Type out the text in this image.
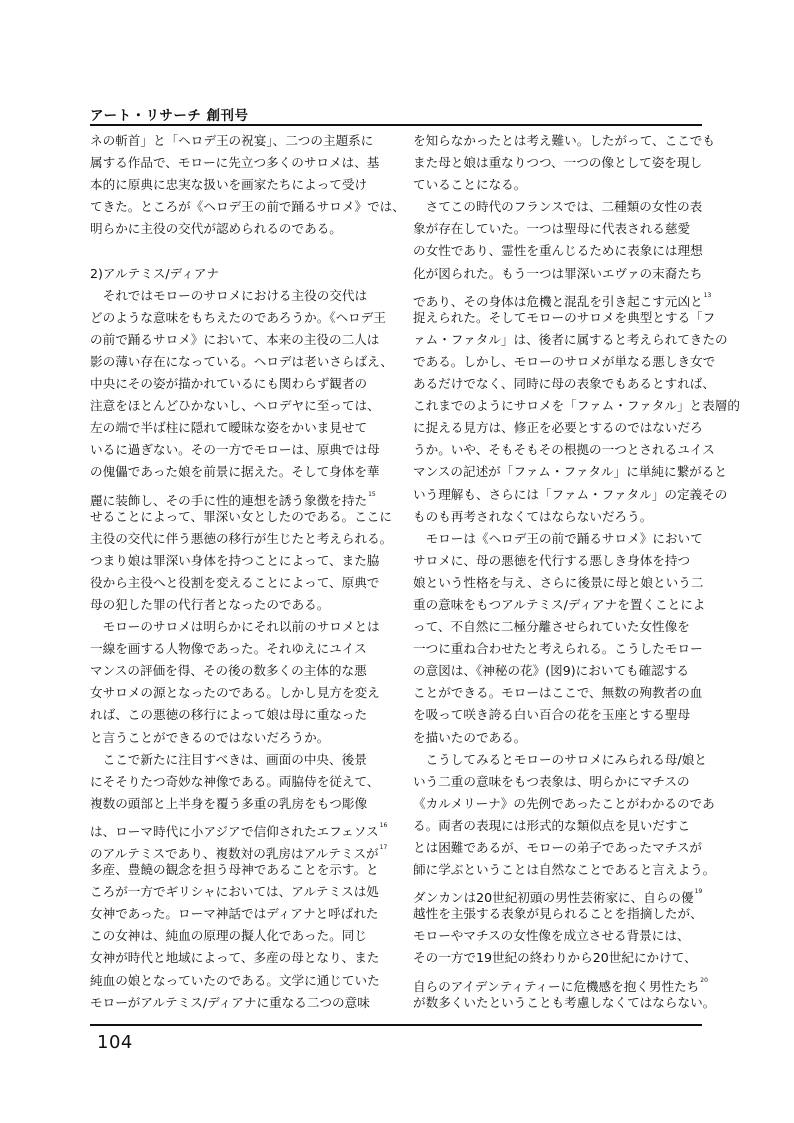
アート・リサーチ 創刊号
ネの斬首」と「ヘロデ王の祝宴」、二つの主題系に
属する作品で、モローに先立つ多くのサロメは、基
本的に原典に忠実な扱いを画家たちによって受け
てきた。ところが《ヘロデ王の前で踊るサロメ》では、
明らかに主役の交代が認められるのである。
2)アルテミス/ディアナ
　それではモローのサロメにおける主役の交代は
どのような意味をもちえたのであろうか。《ヘロデ王
の前で踊るサロメ》において、本来の主役の二人は
影の薄い存在になっている。ヘロデは老いさらばえ、
中央にその姿が描かれているにも関わらず観者の
注意をほとんどひかないし、ヘロデヤに至っては、
左の端で半ば柱に隠れて曖昧な姿をかいま見せて
いるに過ぎない。その一方でモローは、原典では母
の傀儡であった娘を前景に据えた。そして身体を華
麗に装飾し、その手に性的連想を誘う象徴を持た$^{15}$
せることによって、罪深い女としたのである。ここに
主役の交代に伴う悪徳の移行が生じたと考えられる。
つまり娘は罪深い身体を持つことによって、また脇
役から主役へと役割を変えることによって、原典で
母の犯した罪の代行者となったのである。
　モローのサロメは明らかにそれ以前のサロメとは
一線を画する人物像であった。それゆえにユイス
マンスの評価を得、その後の数多くの主体的な悪
女サロメの源となったのである。しかし見方を変え
れば、この悪徳の移行によって娘は母に重なった
と言うことができるのではないだろうか。
　ここで新たに注目すべきは、画面の中央、後景
にそそりたつ奇妙な神像である。両脇侍を従えて、
複数の頭部と上半身を覆う多重の乳房をもつ彫像
は、ローマ時代に小アジアで信仰されたエフェソス$^{16}$
のアルテミスであり、複数対の乳房はアルテミスが$^{17}$
多産、豊饒の観念を担う母神であることを示す。と
ころが一方でギリシャにおいては、アルテミスは処
女神であった。ローマ神話ではディアナと呼ばれた
この女神は、純血の原理の擬人化であった。同じ
女神が時代と地域によって、多産の母となり、また
純血の娘となっていたのである。文学に通じていた
モローがアルテミス/ディアナに重なる二つの意味
を知らなかったとは考え難い。したがって、ここでも
また母と娘は重なりつつ、一つの像として姿を現し
ていることになる。
　さてこの時代のフランスでは、二種類の女性の表
象が存在していた。一つは聖母に代表される慈愛
の女性であり、霊性を重んじるために表象には理想
化が図られた。もう一つは罪深いエヴァの末裔たち
であり、その身体は危機と混乱を引き起こす元凶と$^{13}$
捉えられた。そしてモローのサロメを典型とする「フ
ァム・ファタル」は、後者に属すると考えられてきたの
である。しかし、モローのサロメが単なる悪しき女で
あるだけでなく、同時に母の表象でもあるとすれば、
これまでのようにサロメを「ファム・ファタル」と表層的
に捉える見方は、修正を必要とするのではないだろ
うか。いや、そもそもその根拠の一つとされるユイス
マンスの記述が「ファム・ファタル」に単純に繋がると
いう理解も、さらには「ファム・ファタル」の定義その
ものも再考されなくてはならないだろう。
　モローは《ヘロデ王の前で踊るサロメ》において
サロメに、母の悪徳を代行する悪しき身体を持つ
娘という性格を与え、さらに後景に母と娘という二
重の意味をもつアルテミス/ディアナを置くことによ
って、不自然に二極分離させられていた女性像を
一つに重ね合わせたと考えられる。こうしたモロー
の意図は、《神秘の花》(図9)においても確認する
ことができる。モローはここで、無数の殉教者の血
を吸って咲き誇る白い百合の花を玉座とする聖母
を描いたのである。
　こうしてみるとモローのサロメにみられる母/娘と
いう二重の意味をもつ表象は、明らかにマチスの
《カルメリーナ》の先例であったことがわかるのであ
る。両者の表現には形式的な類似点を見いだすこ
とは困難であるが、モローの弟子であったマチスが
師に学ぶということは自然なことであると言えよう。
ダンカンは20世紀初頭の男性芸術家に、自らの優$^{19}$
越性を主張する表象が見られることを指摘したが、
モローやマチスの女性像を成立させる背景には、
その一方で19世紀の終わりから20世紀にかけて、
自らのアイデンティティーに危機感を抱く男性たち$^{20}$
が数多くいたということも考慮しなくてはならない。
104
